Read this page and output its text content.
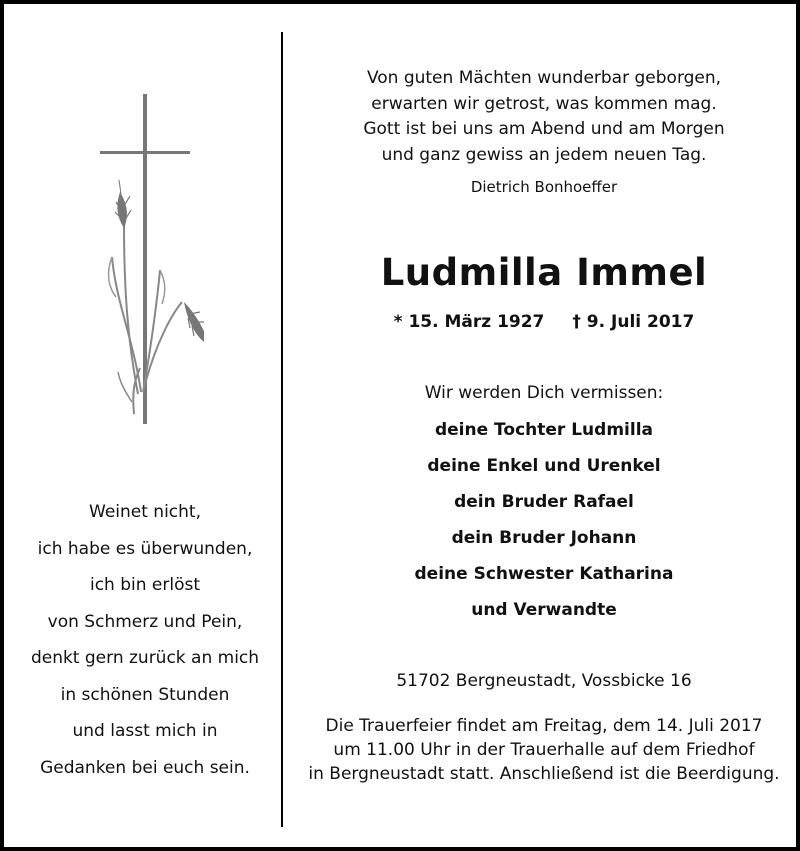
Weinet nicht,
ich habe es überwunden,
ich bin erlöst
von Schmerz und Pein,
denkt gern zurück an mich
in schönen Stunden
und lasst mich in
Gedanken bei euch sein.
Von guten Mächten wunderbar geborgen,
erwarten wir getrost, was kommen mag.
Gott ist bei uns am Abend und am Morgen
und ganz gewiss an jedem neuen Tag.
Dietrich Bonhoeffer
Ludmilla Immel
* 15. März 1927 † 9. Juli 2017
Wir werden Dich vermissen:
deine Tochter Ludmilla
deine Enkel und Urenkel
dein Bruder Rafael
dein Bruder Johann
deine Schwester Katharina
und Verwandte
51702 Bergneustadt, Vossbicke 16
Die Trauerfeier findet am Freitag, dem 14. Juli 2017
um 11.00 Uhr in der Trauerhalle auf dem Friedhof
in Bergneustadt statt. Anschließend ist die Beerdigung.
